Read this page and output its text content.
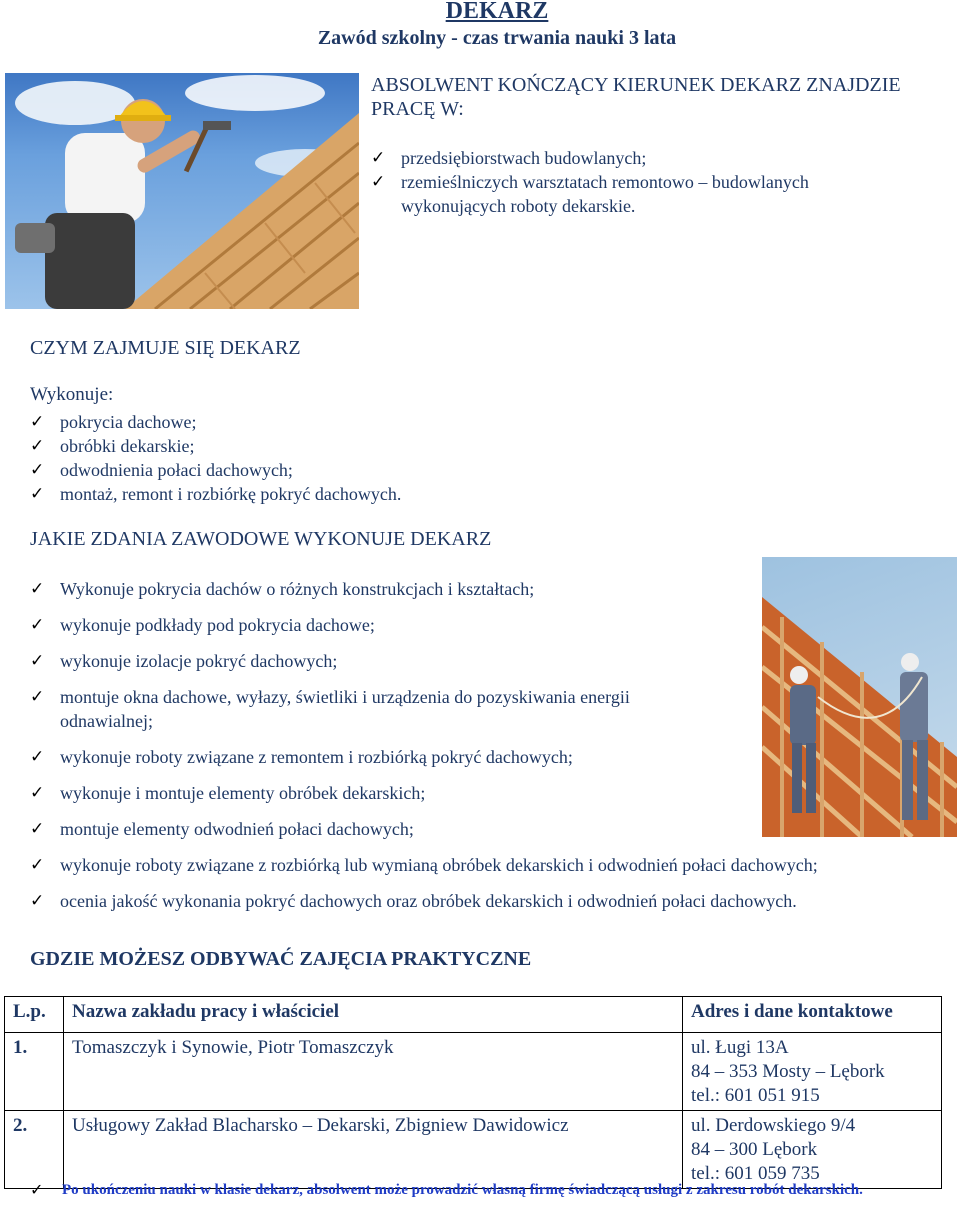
DEKARZ
Zawód szkolny - czas trwania nauki 3 lata
ABSOLWENT KOŃCZĄCY KIERUNEK DEKARZ ZNAJDZIE PRACĘ W:
✓ przedsiębiorstwach budowlanych;
✓ rzemieślniczych warsztatach remontowo – budowlanych wykonujących roboty dekarskie.
CZYM ZAJMUJE SIĘ DEKARZ
Wykonuje:
✓ pokrycia dachowe;
✓ obróbki dekarskie;
✓ odwodnienia połaci dachowych;
✓ montaż, remont i rozbiórkę pokryć dachowych.
JAKIE ZDANIA ZAWODOWE WYKONUJE DEKARZ
✓ Wykonuje pokrycia dachów o różnych konstrukcjach i kształtach;
✓ wykonuje podkłady pod pokrycia dachowe;
✓ wykonuje izolacje pokryć dachowych;
✓ montuje okna dachowe, wyłazy, świetliki i urządzenia do pozyskiwania energii odnawialnej;
✓ wykonuje roboty związane z remontem i rozbiórką pokryć dachowych;
✓ wykonuje i montuje elementy obróbek dekarskich;
✓ montuje elementy odwodnień połaci dachowych;
✓ wykonuje roboty związane z rozbiórką lub wymianą obróbek dekarskich i odwodnień połaci dachowych;
✓ ocenia jakość wykonania pokryć dachowych oraz obróbek dekarskich i odwodnień połaci dachowych.
GDZIE MOŻESZ ODBYWAĆ ZAJĘCIA PRAKTYCZNE
L.p.	Nazwa zakładu pracy i właściciel	Adres i dane kontaktowe
1.	Tomaszczyk i Synowie, Piotr Tomaszczyk	ul. Ługi 13A
84 – 353 Mosty – Lębork
tel.: 601 051 915

2.	Usługowy Zakład Blacharsko – Dekarski, Zbigniew Dawidowicz	ul. Derdowskiego 9/4
84 – 300 Lębork
tel.: 601 059 735
✓ Po ukończeniu nauki w klasie dekarz, absolwent może prowadzić własną firmę świadczącą usługi z zakresu robót dekarskich.
